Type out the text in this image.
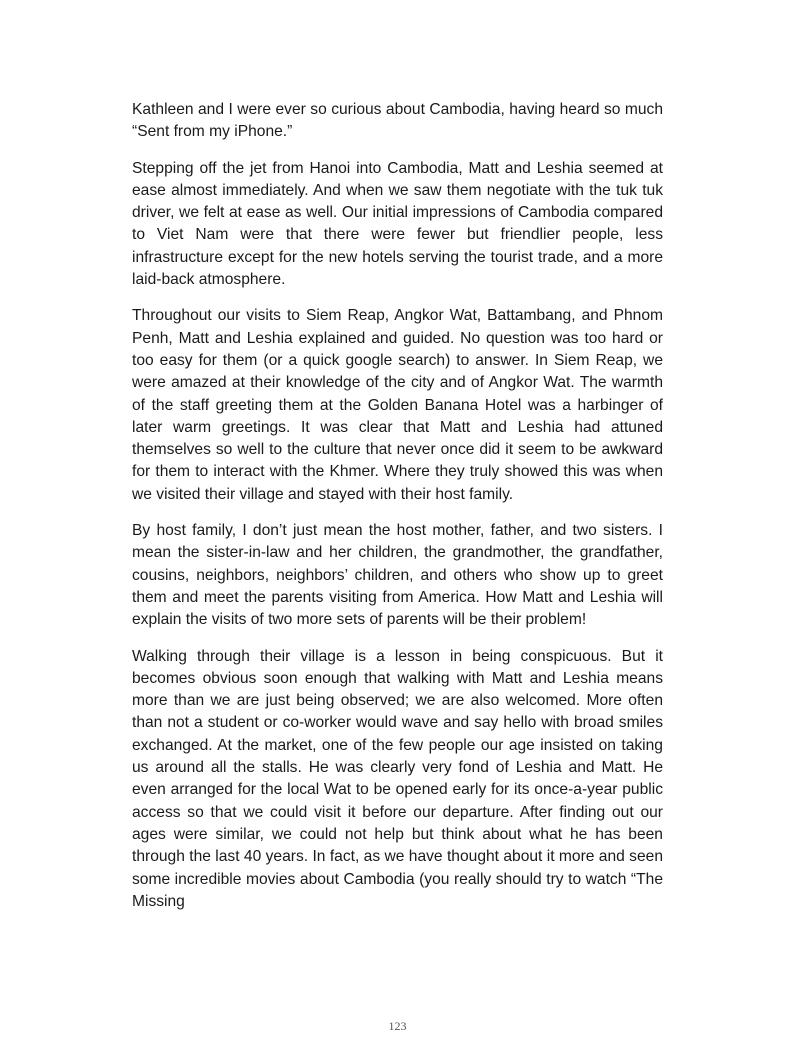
Kathleen and I were ever so curious about Cambodia, having heard so much “Sent from my iPhone.”

Stepping off the jet from Hanoi into Cambodia, Matt and Leshia seemed at ease almost immediately. And when we saw them negotiate with the tuk tuk driver, we felt at ease as well. Our initial impressions of Cambodia compared to Viet Nam were that there were fewer but friendlier people, less infrastructure except for the new hotels serving the tourist trade, and a more laid-back atmosphere.

Throughout our visits to Siem Reap, Angkor Wat, Battambang, and Phnom Penh, Matt and Leshia explained and guided. No question was too hard or too easy for them (or a quick google search) to answer. In Siem Reap, we were amazed at their knowledge of the city and of Angkor Wat. The warmth of the staff greeting them at the Golden Banana Hotel was a harbinger of later warm greetings. It was clear that Matt and Leshia had attuned themselves so well to the culture that never once did it seem to be awkward for them to interact with the Khmer. Where they truly showed this was when we visited their village and stayed with their host family.

By host family, I don’t just mean the host mother, father, and two sisters. I mean the sister-in-law and her children, the grandmother, the grandfather, cousins, neighbors, neighbors’ children, and others who show up to greet them and meet the parents visiting from America. How Matt and Leshia will explain the visits of two more sets of parents will be their problem!

Walking through their village is a lesson in being conspicuous. But it becomes obvious soon enough that walking with Matt and Leshia means more than we are just being observed; we are also welcomed. More often than not a student or co-worker would wave and say hello with broad smiles exchanged. At the market, one of the few people our age insisted on taking us around all the stalls. He was clearly very fond of Leshia and Matt. He even arranged for the local Wat to be opened early for its once-a-year public access so that we could visit it before our departure. After finding out our ages were similar, we could not help but think about what he has been through the last 40 years. In fact, as we have thought about it more and seen some incredible movies about Cambodia (you really should try to watch “The Missing

123
